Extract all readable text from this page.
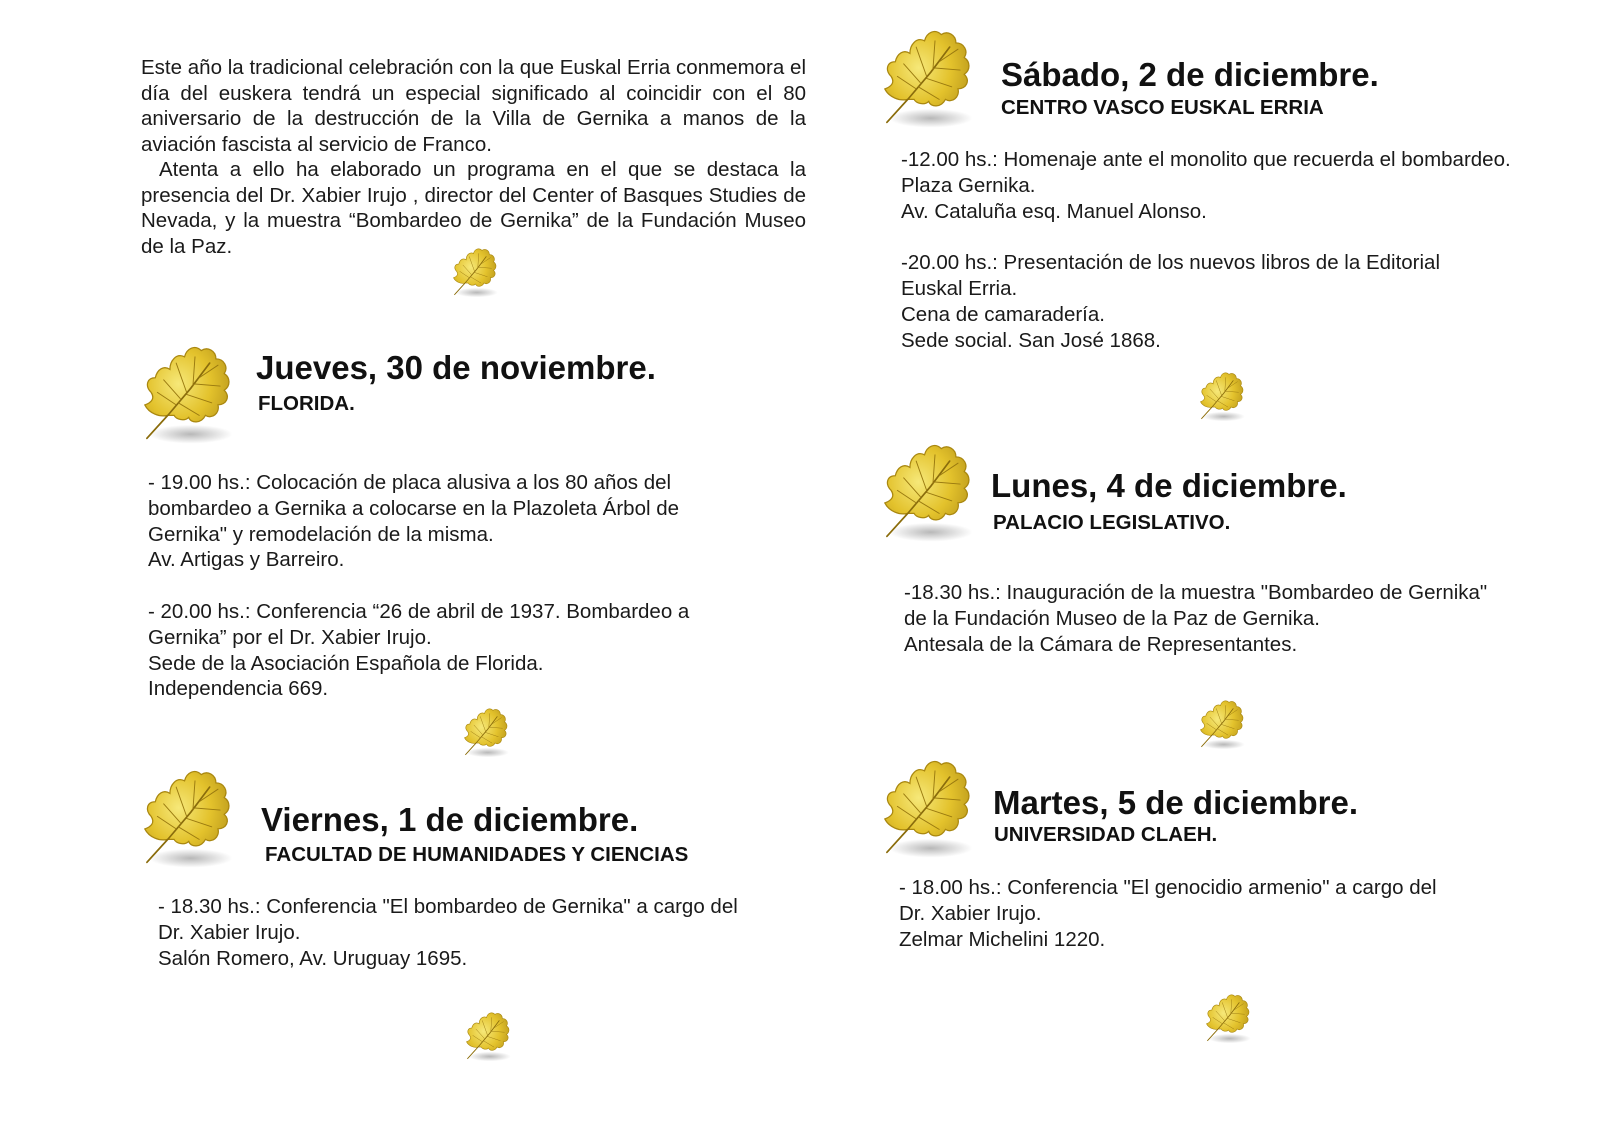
Este año la tradicional celebración con la que Euskal Erria conmemora el día del euskera tendrá un especial significado al coincidir con el 80 aniversario de la destrucción de la Villa de Gernika a manos de la aviación fascista al servicio de Franco.

Atenta a ello ha elaborado un programa en el que se destaca la presencia del Dr. Xabier Irujo , director del Center of Basques Studies de Nevada, y la muestra “Bombardeo de Gernika” de la Fundación Museo de la Paz.

Jueves, 30 de noviembre.
FLORIDA.
- 19.00 hs.: Colocación de placa alusiva a los 80 años del
bombardeo a Gernika a colocarse en la Plazoleta Árbol de
Gernika" y remodelación de la misma.
Av. Artigas y Barreiro.
- 20.00 hs.: Conferencia “26 de abril de 1937. Bombardeo a
Gernika” por el Dr. Xabier Irujo.
Sede de la Asociación Española de Florida.
Independencia 669.
Viernes, 1 de diciembre.
FACULTAD DE HUMANIDADES Y CIENCIAS
- 18.30 hs.: Conferencia "El bombardeo de Gernika" a cargo del
Dr. Xabier Irujo.
Salón Romero, Av. Uruguay 1695.
Sábado, 2 de diciembre.
CENTRO VASCO EUSKAL ERRIA
-12.00 hs.: Homenaje ante el monolito que recuerda el bombardeo.
Plaza Gernika.
Av. Cataluña esq. Manuel Alonso.
-20.00 hs.: Presentación de los nuevos libros de la Editorial
Euskal Erria.
Cena de camaradería.
Sede social. San José 1868.
Lunes, 4 de diciembre.
PALACIO LEGISLATIVO.
-18.30 hs.: Inauguración de la muestra "Bombardeo de Gernika"
de la Fundación Museo de la Paz de Gernika.
Antesala de la Cámara de Representantes.
Martes, 5 de diciembre.
UNIVERSIDAD CLAEH.
- 18.00 hs.: Conferencia "El genocidio armenio" a cargo del
Dr. Xabier Irujo.
Zelmar Michelini 1220.
